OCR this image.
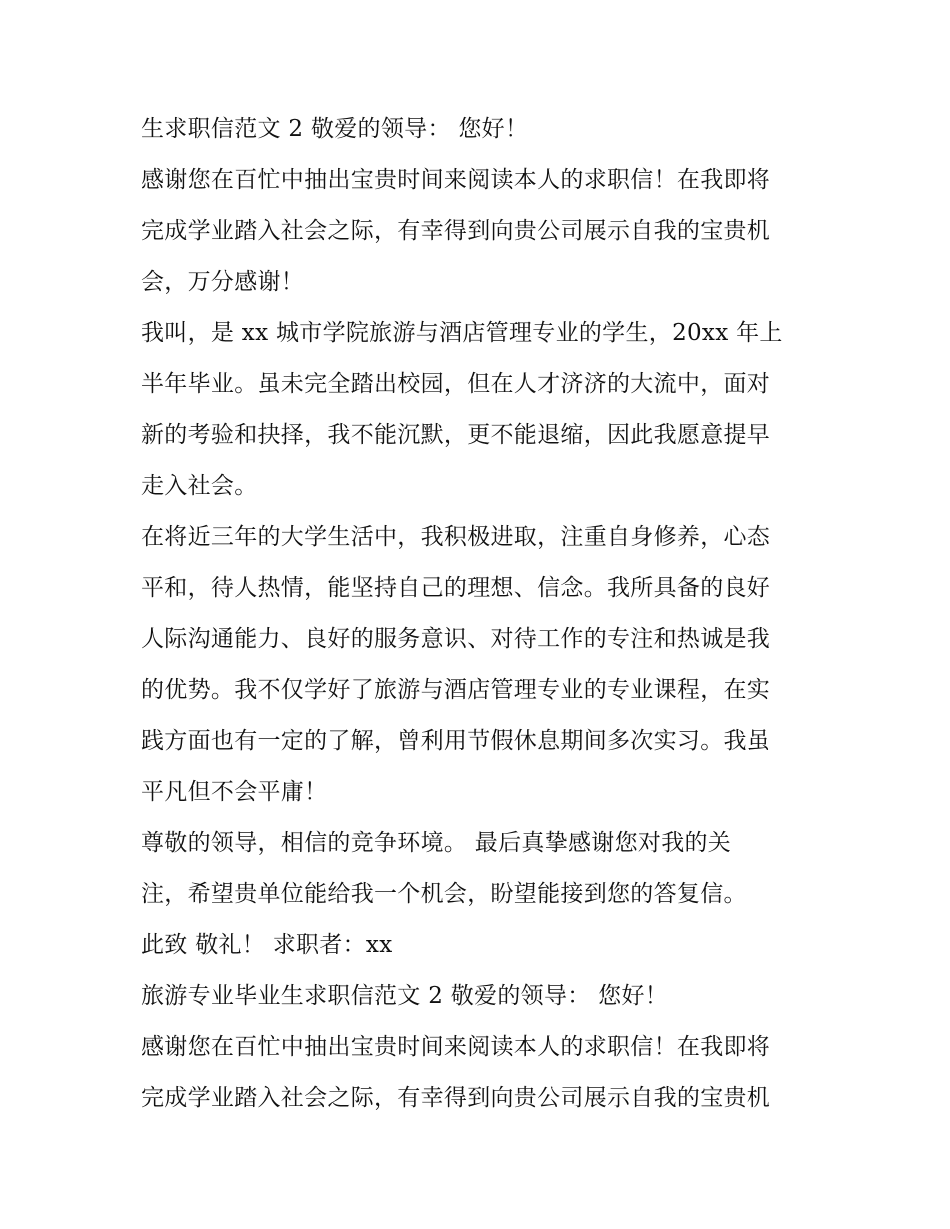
生求职信范文 2 敬爱的领导： 您好！
感谢您在百忙中抽出宝贵时间来阅读本人的求职信！在我即将
完成学业踏入社会之际，有幸得到向贵公司展示自我的宝贵机
会，万分感谢！
我叫，是 xx 城市学院旅游与酒店管理专业的学生，20xx 年上
半年毕业。虽未完全踏出校园，但在人才济济的大流中，面对
新的考验和抉择，我不能沉默，更不能退缩，因此我愿意提早
走入社会。
在将近三年的大学生活中，我积极进取，注重自身修养，心态
平和，待人热情，能坚持自己的理想、信念。我所具备的良好
人际沟通能力、良好的服务意识、对待工作的专注和热诚是我
的优势。我不仅学好了旅游与酒店管理专业的专业课程，在实
践方面也有一定的了解，曾利用节假休息期间多次实习。我虽
平凡但不会平庸！
尊敬的领导，相信的竞争环境。 最后真挚感谢您对我的关
注，希望贵单位能给我一个机会，盼望能接到您的答复信。
此致 敬礼！ 求职者：xx
旅游专业毕业生求职信范文 2 敬爱的领导： 您好！
感谢您在百忙中抽出宝贵时间来阅读本人的求职信！在我即将
完成学业踏入社会之际，有幸得到向贵公司展示自我的宝贵机
